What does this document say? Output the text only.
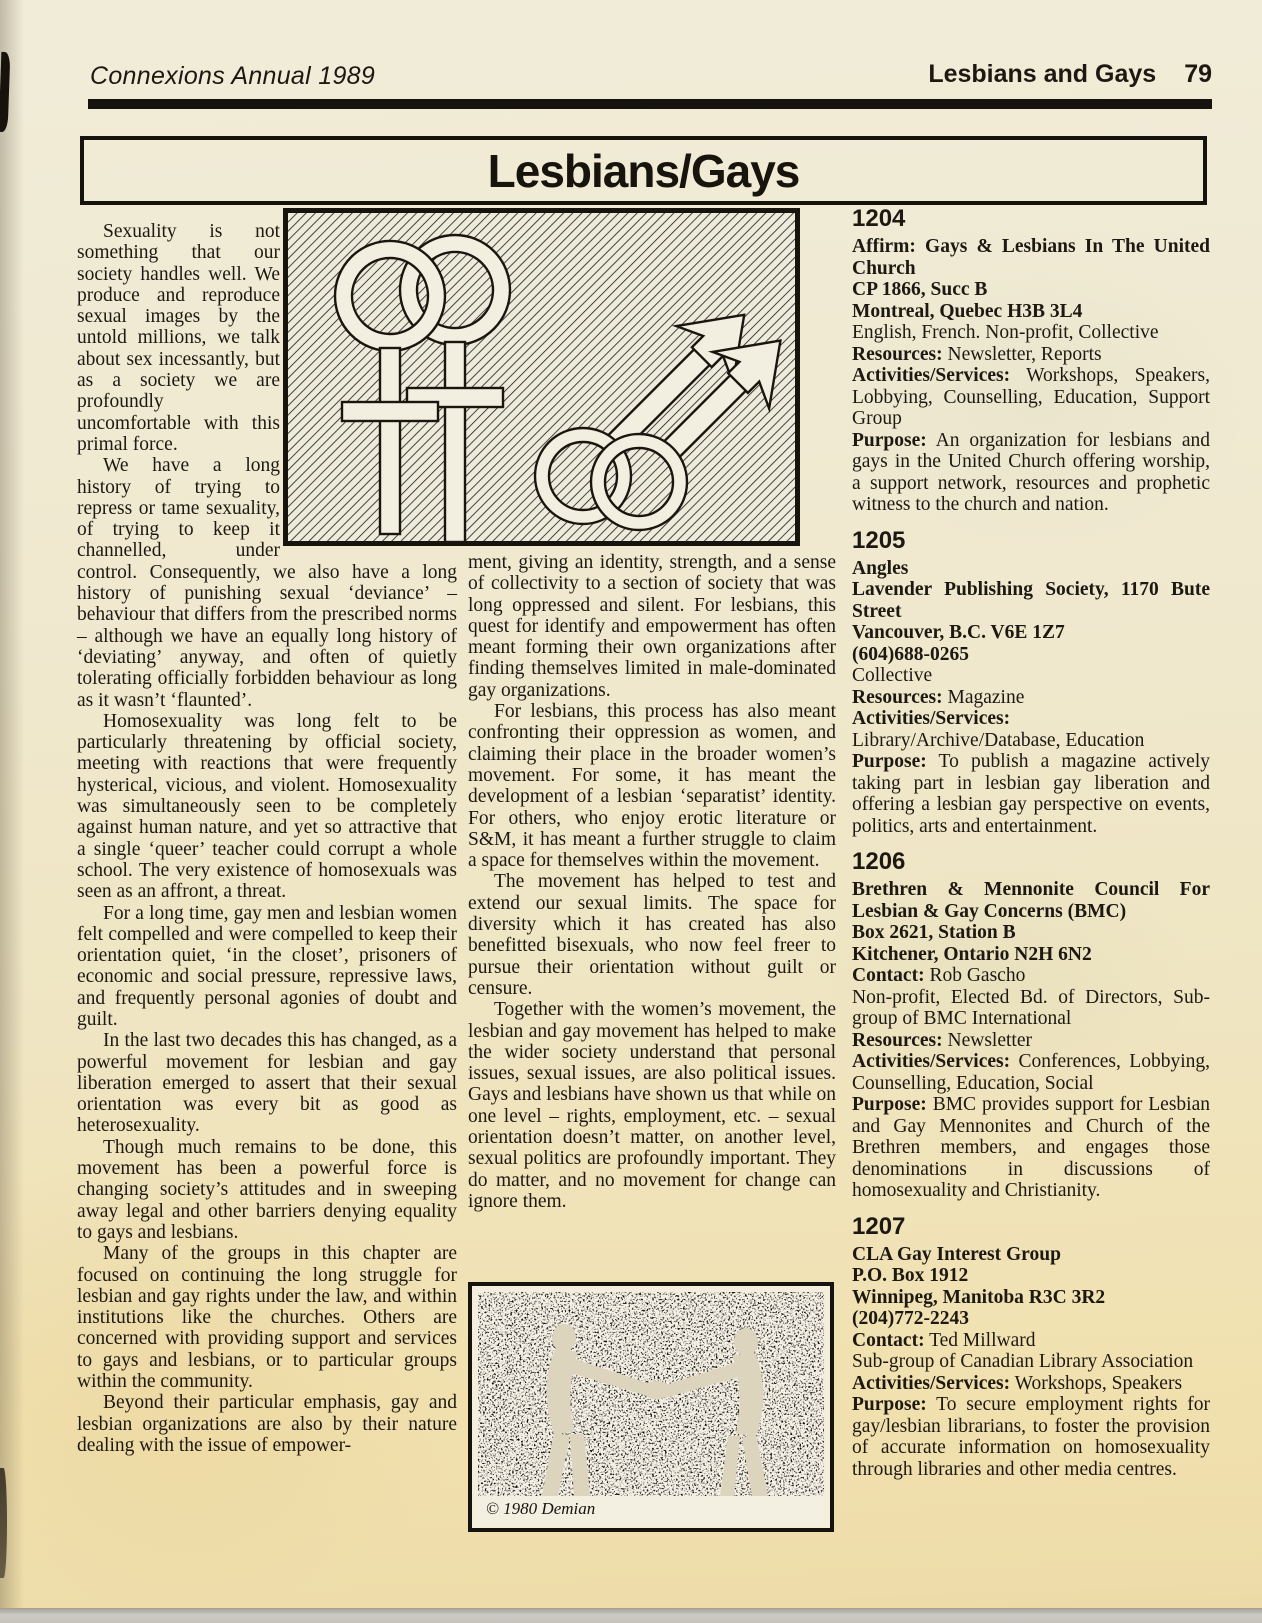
Connexions Annual 1989	Lesbians and Gays 79
Lesbians/Gays

Sexuality is not something that our society handles well. We produce and reproduce sexual images by the untold millions, we talk about sex incessantly, but as a society we are profoundly uncomfortable with this primal force.

We have a long history of trying to repress or tame sexuality, of trying to keep it channelled, under control. Consequently, we also have a long history of punishing sexual ‘deviance’ – behaviour that differs from the prescribed norms – although we have an equally long history of ‘deviating’ anyway, and often of quietly tolerating officially forbidden behaviour as long as it wasn’t ‘flaunted’.

Homosexuality was long felt to be particularly threatening by official society, meeting with reactions that were frequently hysterical, vicious, and violent. Homosexuality was simultaneously seen to be completely against human nature, and yet so attractive that a single ‘queer’ teacher could corrupt a whole school. The very existence of homosexuals was seen as an affront, a threat.

For a long time, gay men and lesbian women felt compelled and were compelled to keep their orientation quiet, ‘in the closet’, prisoners of economic and social pressure, repressive laws, and frequently personal agonies of doubt and guilt.

In the last two decades this has changed, as a powerful movement for lesbian and gay liberation emerged to assert that their sexual orientation was every bit as good as heterosexuality.

Though much remains to be done, this movement has been a powerful force is changing society’s attitudes and in sweeping away legal and other barriers denying equality to gays and lesbians.

Many of the groups in this chapter are focused on continuing the long struggle for lesbian and gay rights under the law, and within institutions like the churches. Others are concerned with providing support and services to gays and lesbians, or to particular groups within the community.

Beyond their particular emphasis, gay and lesbian organizations are also by their nature dealing with the issue of empower-

ment, giving an identity, strength, and a sense of collectivity to a section of society that was long oppressed and silent. For lesbians, this quest for identify and empowerment has often meant forming their own organizations after finding themselves limited in male-dominated gay organizations.

For lesbians, this process has also meant confronting their oppression as women, and claiming their place in the broader women’s movement. For some, it has meant the development of a lesbian ‘separatist’ identity. For others, who enjoy erotic literature or S&M, it has meant a further struggle to claim a space for themselves within the movement.

The movement has helped to test and extend our sexual limits. The space for diversity which it has created has also benefitted bisexuals, who now feel freer to pursue their orientation without guilt or censure.

Together with the women’s movement, the lesbian and gay movement has helped to make the wider society understand that personal issues, sexual issues, are also political issues. Gays and lesbians have shown us that while on one level – rights, employment, etc. – sexual orientation doesn’t matter, on another level, sexual politics are profoundly important. They do matter, and no movement for change can ignore them.

© 1980 Demian
1204
Affirm: Gays & Lesbians In The United Church
CP 1866, Succ B
Montreal, Quebec H3B 3L4
English, French. Non-profit, Collective
Resources: Newsletter, Reports
Activities/Services: Workshops, Speakers, Lobbying, Counselling, Education, Support Group
Purpose: An organization for lesbians and gays in the United Church offering worship, a support network, resources and prophetic witness to the church and nation.
1205
Angles
Lavender Publishing Society, 1170 Bute Street
Vancouver, B.C. V6E 1Z7
(604)688-0265
Collective
Resources: Magazine
Activities/Services: Library/Archive/Database, Education
Purpose: To publish a magazine actively taking part in lesbian gay liberation and offering a lesbian gay perspective on events, politics, arts and entertainment.
1206
Brethren & Mennonite Council For Lesbian & Gay Concerns (BMC)
Box 2621, Station B
Kitchener, Ontario N2H 6N2
Contact: Rob Gascho
Non-profit, Elected Bd. of Directors, Sub-group of BMC International
Resources: Newsletter
Activities/Services: Conferences, Lobbying, Counselling, Education, Social
Purpose: BMC provides support for Lesbian and Gay Mennonites and Church of the Brethren members, and engages those denominations in discussions of homosexuality and Christianity.
1207
CLA Gay Interest Group
P.O. Box 1912
Winnipeg, Manitoba R3C 3R2
(204)772-2243
Contact: Ted Millward
Sub-group of Canadian Library Association
Activities/Services: Workshops, Speakers
Purpose: To secure employment rights for gay/lesbian librarians, to foster the provision of accurate information on homosexuality through libraries and other media centres.
